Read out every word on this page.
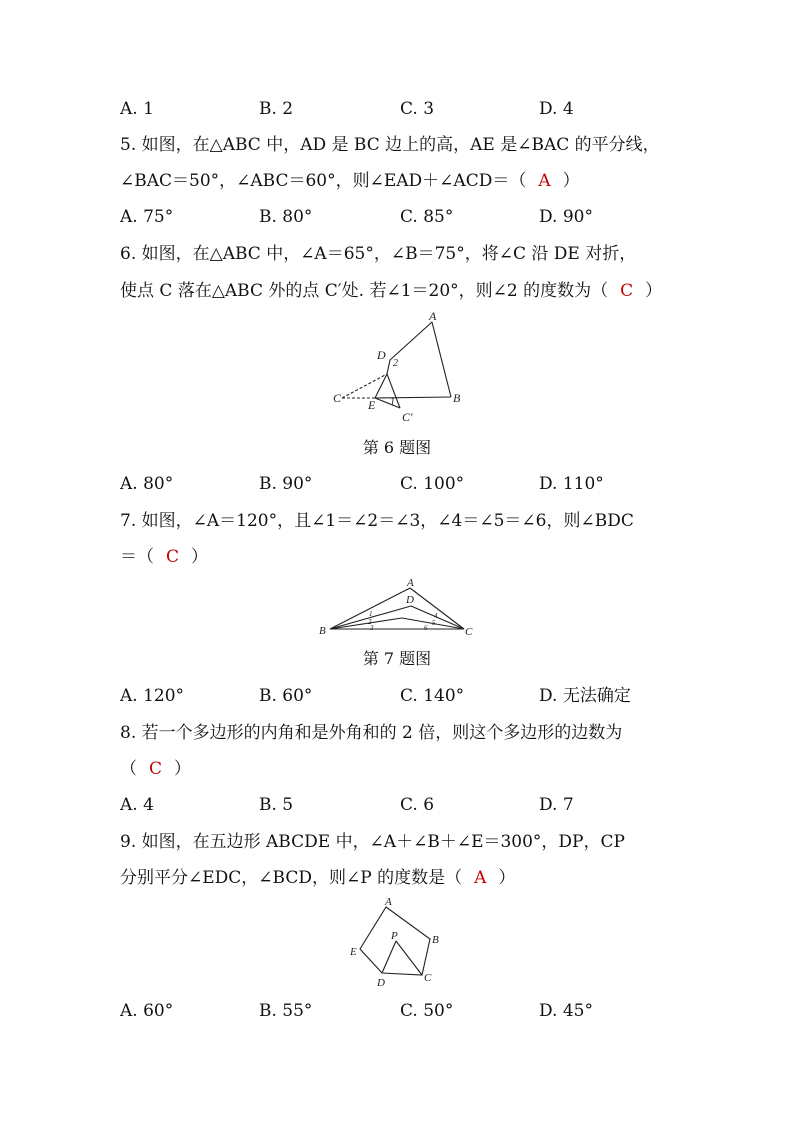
A. 1	B. 2	C. 3	D. 4
5. 如图，在△ABC 中，AD 是 BC 边上的高，AE 是∠BAC 的平分线，
∠BAC＝50°，∠ABC＝60°，则∠EAD＋∠ACD＝（ A ）
A. 75°	B. 80°	C. 85°	D. 90°
6. 如图，在△ABC 中，∠A＝65°，∠B＝75°，将∠C 沿 DE 对折，
使点 C 落在△ABC 外的点 C′处. 若∠1＝20°，则∠2 的度数为（ C ）
A
B
C
D
E
C′
1
2
第 6 题图
A. 80°	B. 90°	C. 100°	D. 110°
7. 如图，∠A＝120°，且∠1＝∠2＝∠3，∠4＝∠5＝∠6，则∠BDC
＝（ C ）
A
B	C
D
1
2
3
4
5
6
第 7 题图
A. 120°	B. 60°	C. 140°	D. 无法确定
8. 若一个多边形的内角和是外角和的 2 倍，则这个多边形的边数为
（ C ）
A. 4	B. 5	C. 6	D. 7
9. 如图，在五边形 ABCDE 中，∠A＋∠B＋∠E＝300°，DP，CP
分别平分∠EDC，∠BCD，则∠P 的度数是（ A ）
A
B
C
D
E
P
A. 60°	B. 55°	C. 50°	D. 45°
